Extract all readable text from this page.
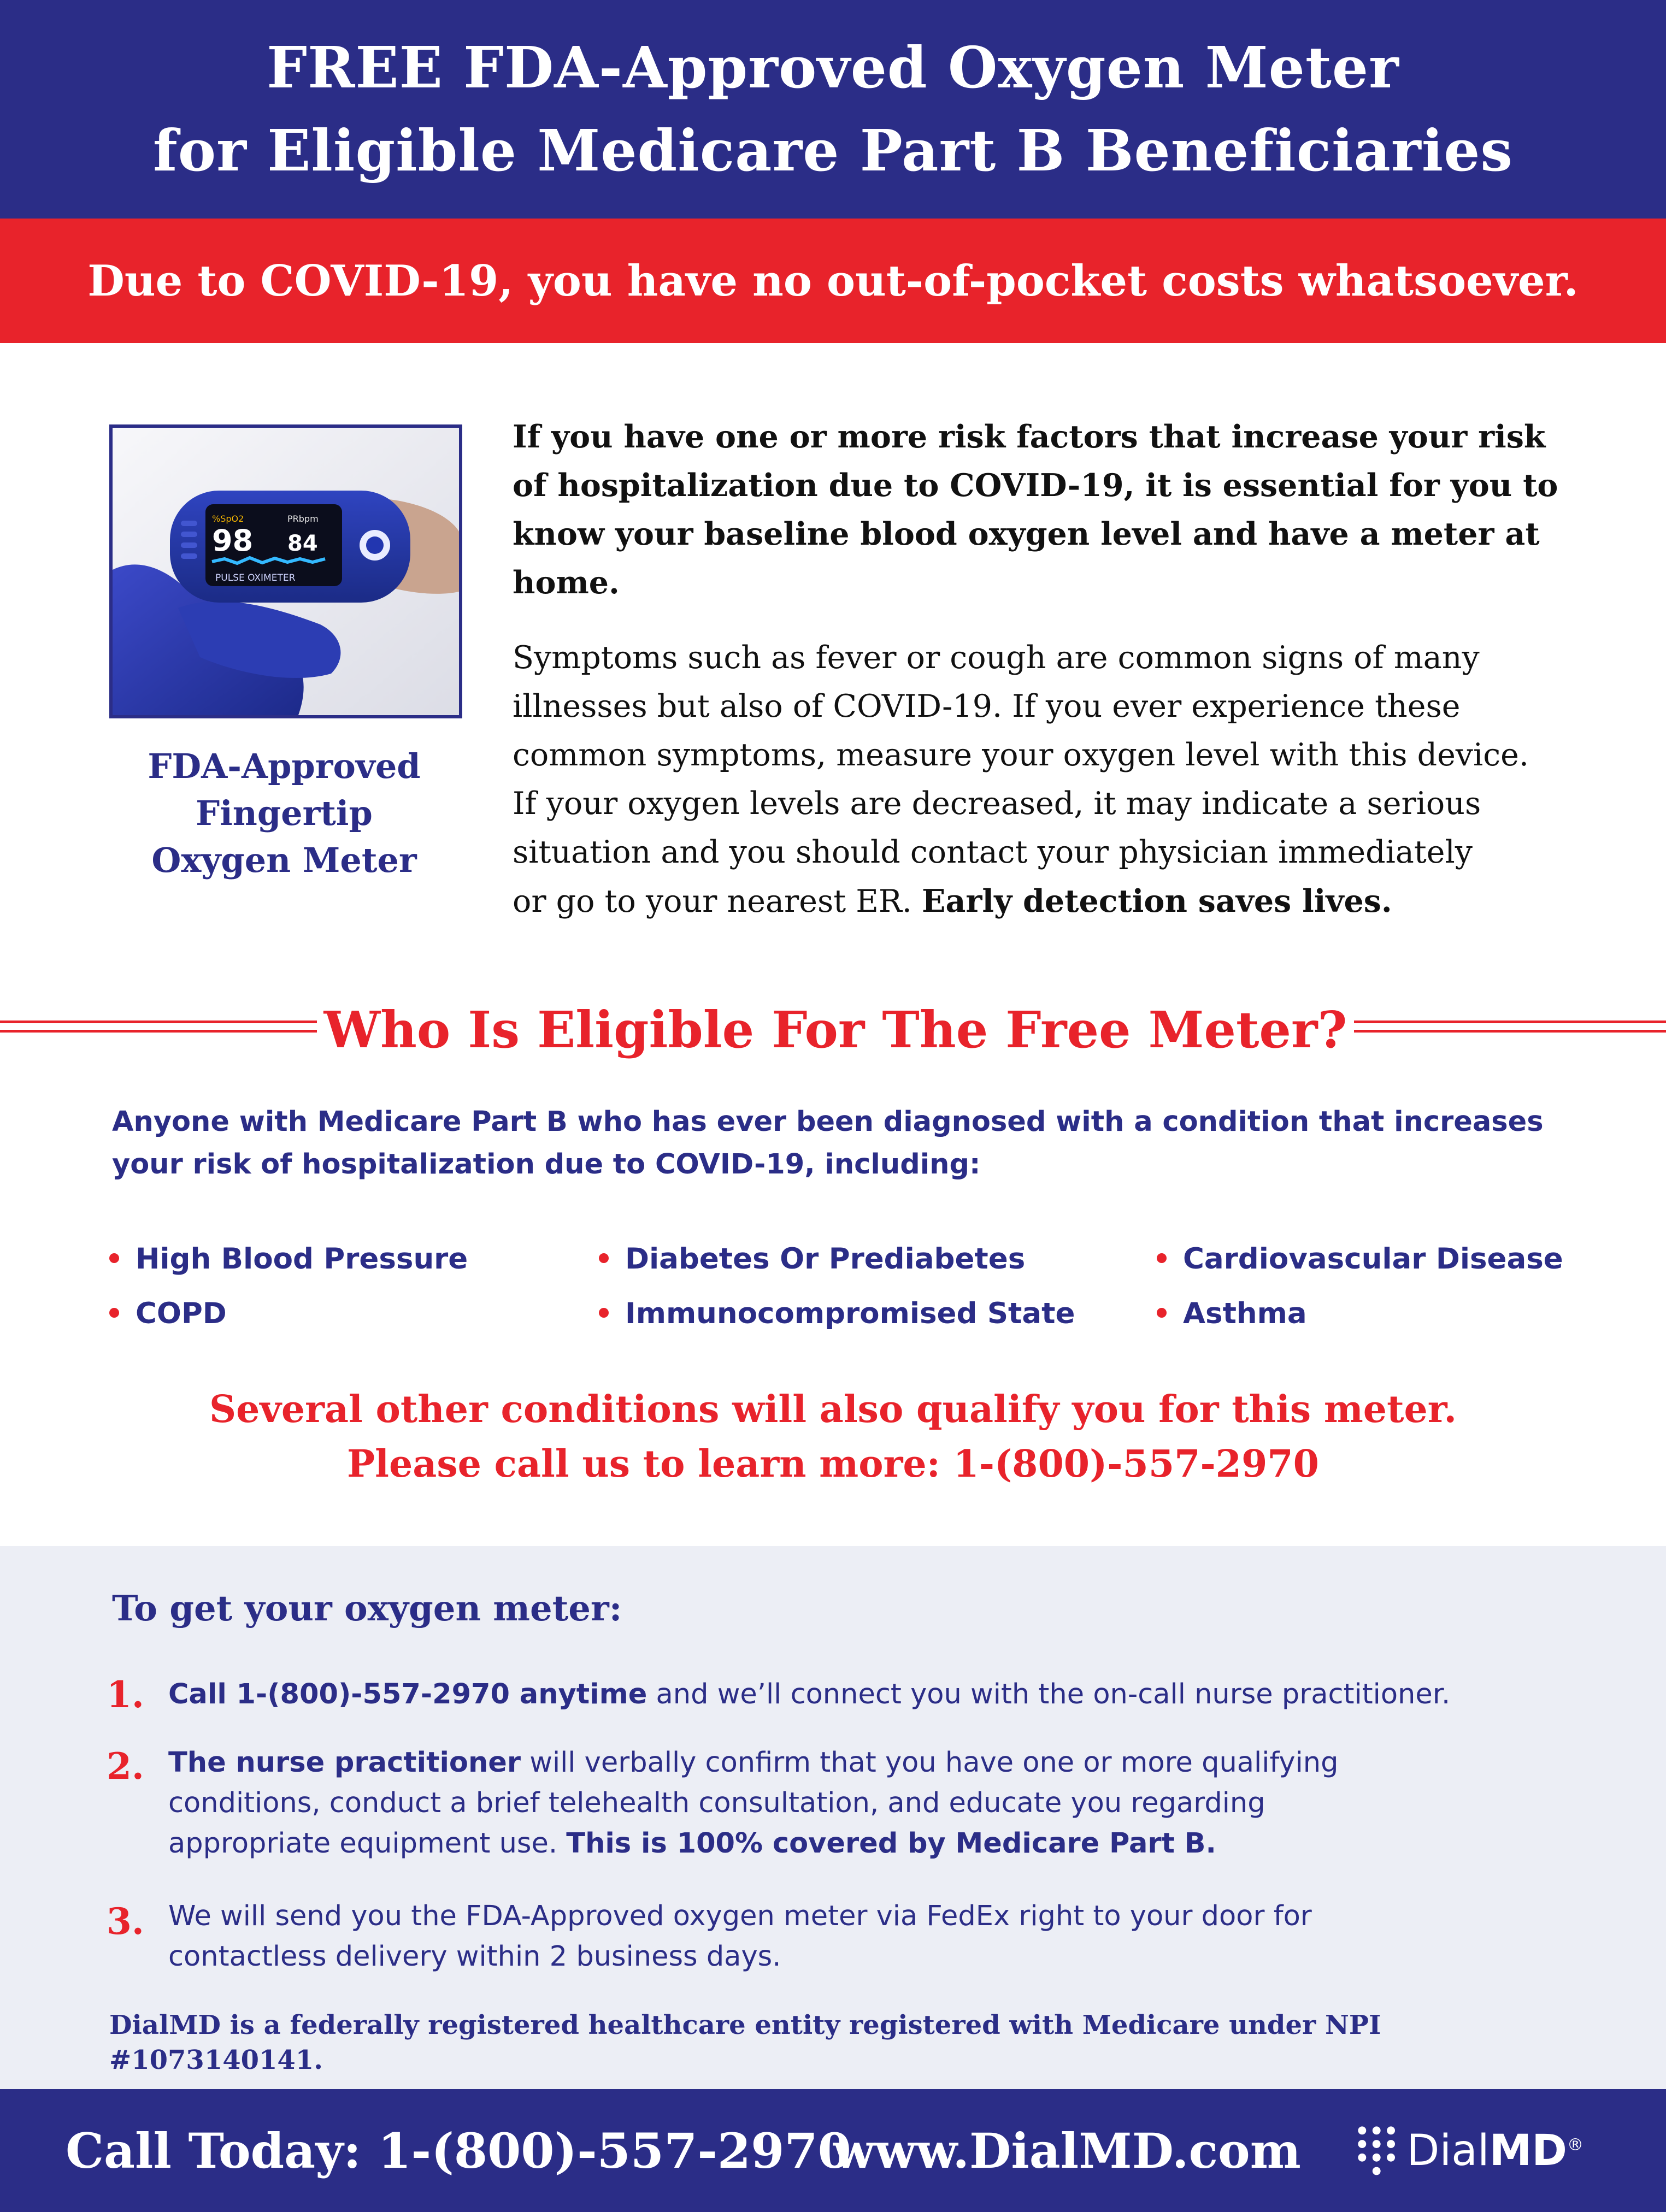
FREE FDA-Approved Oxygen Meter
for Eligible Medicare Part B Beneficiaries
Due to COVID-19, you have no out-of-pocket costs whatsoever.
%SpO2	PRbpm
98 84
PULSE OXIMETER
FDA-Approved
Fingertip
Oxygen Meter
If you have one or more risk factors that increase your risk
of hospitalization due to COVID-19, it is essential for you to
know your baseline blood oxygen level and have a meter at
home.
Symptoms such as fever or cough are common signs of many
illnesses but also of COVID-19. If you ever experience these
common symptoms, measure your oxygen level with this device.
If your oxygen levels are decreased, it may indicate a serious
situation and you should contact your physician immediately
or go to your nearest ER. Early detection saves lives.
Who Is Eligible For The Free Meter?
Anyone with Medicare Part B who has ever been diagnosed with a condition that increases
your risk of hospitalization due to COVID-19, including:
High Blood Pressure	Diabetes Or Prediabetes	Cardiovascular Disease
COPD	Immunocompromised State	Asthma
Several other conditions will also qualify you for this meter.
Please call us to learn more: 1-(800)-557-2970
To get your oxygen meter:
1. Call 1-(800)-557-2970 anytime and we’ll connect you with the on-call nurse practitioner.
2. The nurse practitioner will verbally confirm that you have one or more qualifying
conditions, conduct a brief telehealth consultation, and educate you regarding
appropriate equipment use. This is 100% covered by Medicare Part B.
3. We will send you the FDA-Approved oxygen meter via FedEx right to your door for
contactless delivery within 2 business days.
DialMD is a federally registered healthcare entity registered with Medicare under NPI #1073140141.
Call Today: 1-(800)-557-2970
www.DialMD.com DialMD®
